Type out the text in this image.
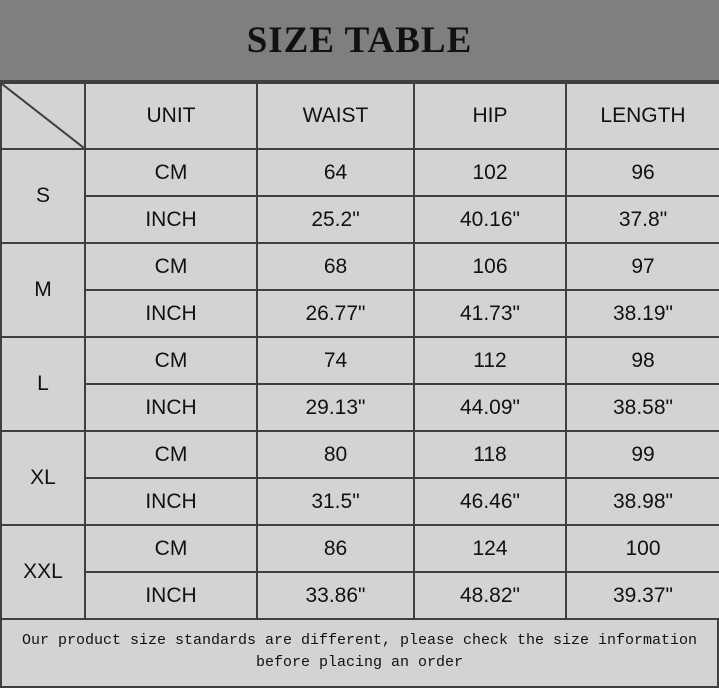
SIZE TABLE
	UNIT	WAIST	HIP	LENGTH
S	CM	64	102	96
	INCH	25.2"	40.16"	37.8"
M	CM	68	106	97
	INCH	26.77"	41.73"	38.19"
L	CM	74	112	98
	INCH	29.13"	44.09"	38.58"
XL	CM	80	118	99
	INCH	31.5"	46.46"	38.98"
XXL	CM	86	124	100
	INCH	33.86"	48.82"	39.37"
Our product size standards are different, please check the size information
before placing an order
